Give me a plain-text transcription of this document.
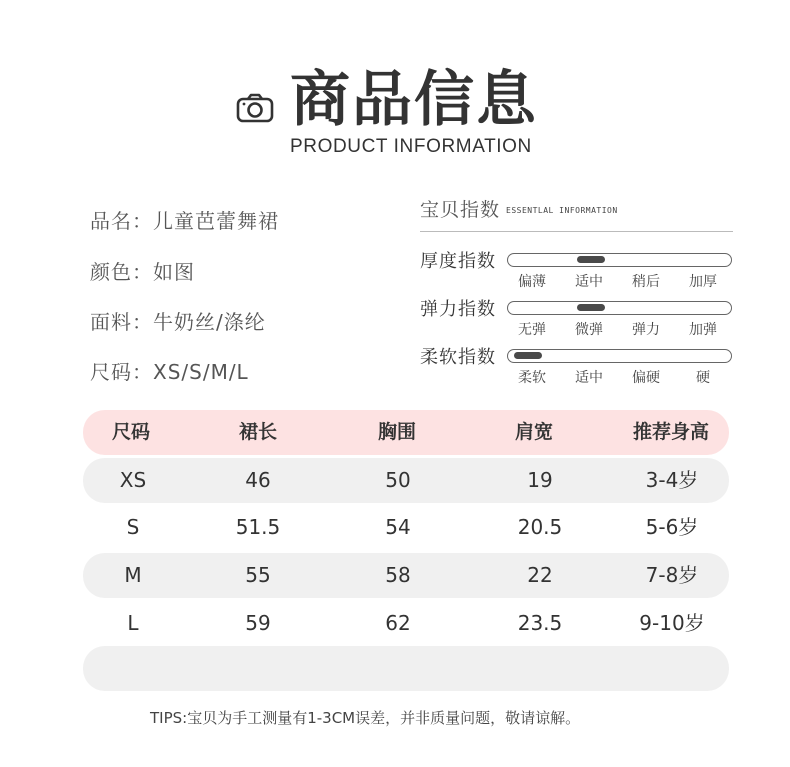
商品信息
PRODUCT INFORMATION
品名：儿童芭蕾舞裙
颜色：如图
面料：牛奶丝/涤纶
尺码：XS/S/M/L
宝贝指数 ESSENTLAL INFORMATION
厚度指数
偏薄 适中 稍后 加厚
弹力指数
无弹 微弹 弹力 加弹
柔软指数
柔软 适中 偏硬	硬
尺码	裙长	胸围	肩宽	推荐身高
XS	46	50	19	3-4岁
S	51.5	54	20.5	5-6岁
M	55	58	22	7-8岁
L	59	62	23.5	9-10岁
TIPS:宝贝为手工测量有1-3CM误差，并非质量问题，敬请谅解。
